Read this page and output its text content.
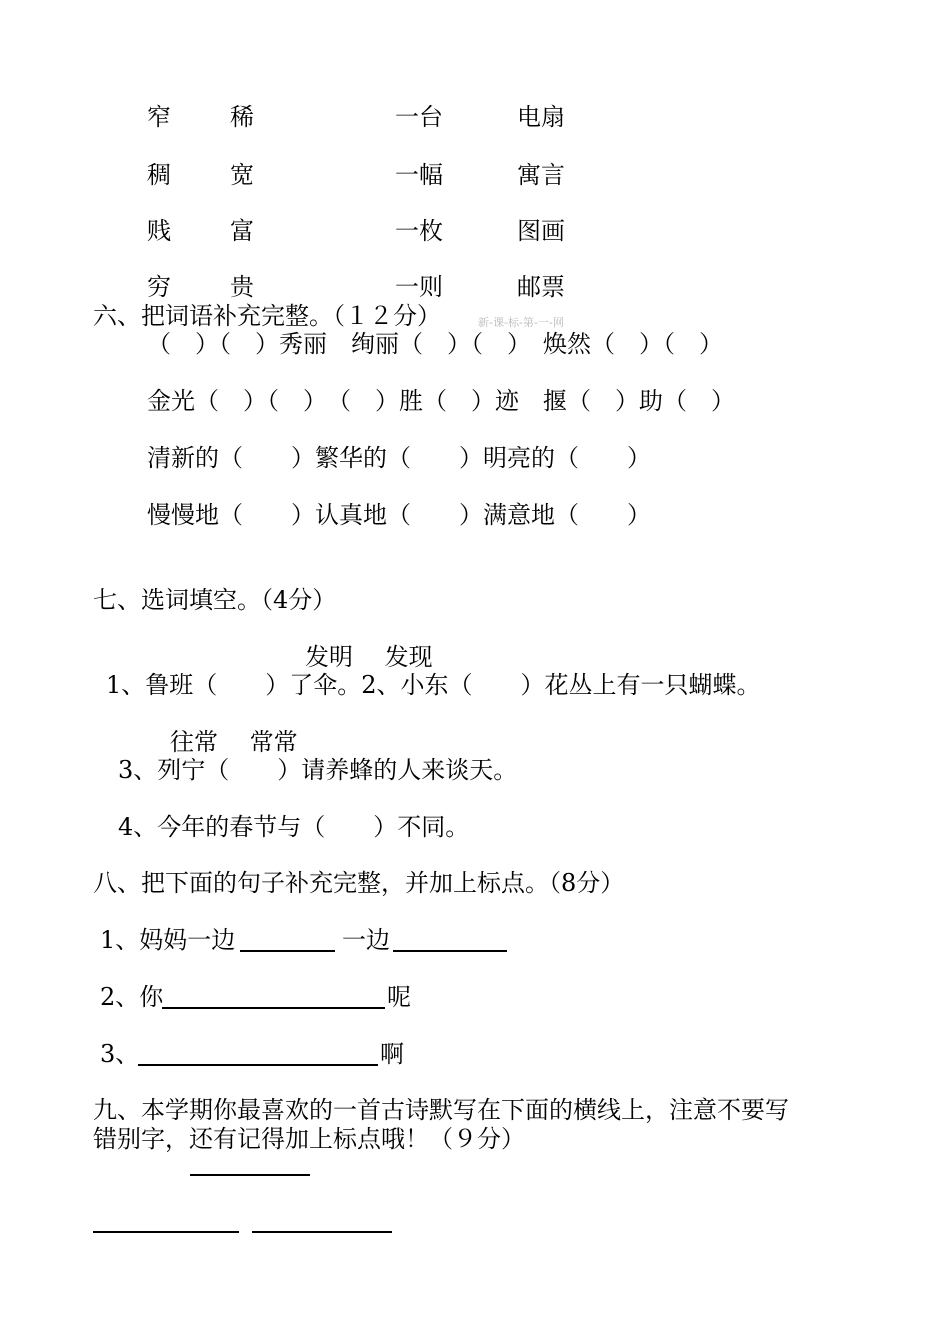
窄 稀	一台	电扇
稠 宽	一幅	寓言
贱 富	一枚	图画
穷 贵	一则	邮票
六、把词语补充完整。（１２分）	新-课-标-第-一-网
（　）（　）秀丽　绚丽（　）（　）　焕然（　）（　）
金光（　）（　）　（　）胜（　）迹　揠（　）助（　）
清新的（　　）繁华的（　　）明亮的（　　）
慢慢地（　　）认真地（　　）满意地（　　）
七、选词填空。（4分）
发明　 发现
1、鲁班（　　）了伞。2、小东（　　）花丛上有一只蝴蝶。
往常　 常常
3、列宁（　　）请养蜂的人来谈天。
4、今年的春节与（　　）不同。
八、把下面的句子补充完整，并加上标点。（8分）
1、妈妈一边	一边
2、你	呢
3、	啊
九、本学期你最喜欢的一首古诗默写在下面的横线上，注意不要写
错别字，还有记得加上标点哦！（９分）
